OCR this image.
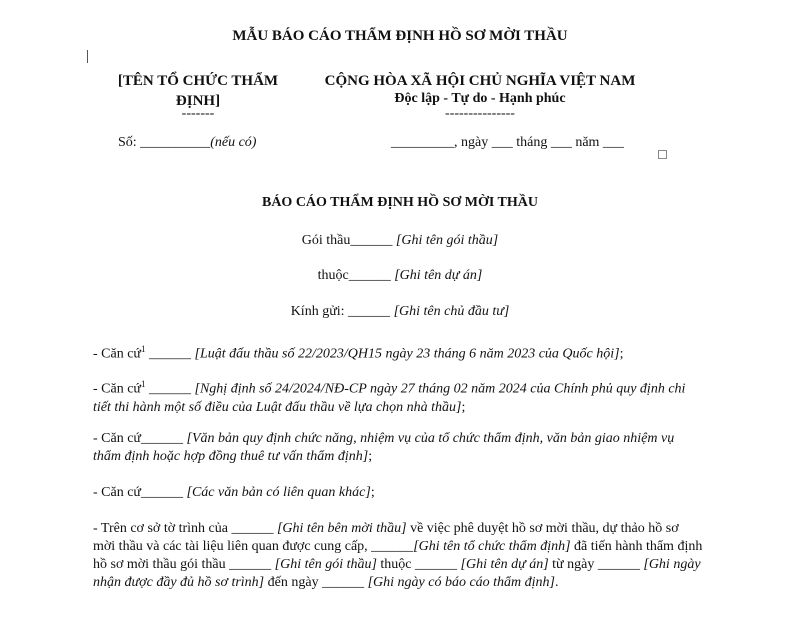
MẪU BÁO CÁO THẨM ĐỊNH HỒ SƠ MỜI THẦU
[TÊN TỔ CHỨC THẨM ĐỊNH]
-------
CỘNG HÒA XÃ HỘI CHỦ NGHĨA VIỆT NAM
Độc lập - Tự do - Hạnh phúc
---------------
Số: __________(nếu có)	_________, ngày ___ tháng ___ năm ___
BÁO CÁO THẨM ĐỊNH HỒ SƠ MỜI THẦU
Gói thầu______ [Ghi tên gói thầu]
thuộc______ [Ghi tên dự án]
Kính gửi: ______ [Ghi tên chủ đầu tư]
- Căn cứ$^1$ ______ [Luật đấu thầu số 22/2023/QH15 ngày 23 tháng 6 năm 2023 của Quốc hội];
- Căn cứ$^1$ ______ [Nghị định số 24/2024/NĐ-CP ngày 27 tháng 02 năm 2024 của Chính phủ quy định chi tiết thi hành một số điều của Luật đấu thầu về lựa chọn nhà thầu];
- Căn cứ______ [Văn bản quy định chức năng, nhiệm vụ của tổ chức thẩm định, văn bản giao nhiệm vụ thẩm định hoặc hợp đồng thuê tư vấn thẩm định];
- Căn cứ______ [Các văn bản có liên quan khác];
- Trên cơ sở tờ trình của ______ [Ghi tên bên mời thầu] về việc phê duyệt hồ sơ mời thầu, dự thảo hồ sơ mời thầu và các tài liệu liên quan được cung cấp, ______[Ghi tên tổ chức thẩm định] đã tiến hành thẩm định hồ sơ mời thầu gói thầu ______ [Ghi tên gói thầu] thuộc ______ [Ghi tên dự án] từ ngày ______ [Ghi ngày nhận được đầy đủ hồ sơ trình] đến ngày ______ [Ghi ngày có báo cáo thẩm định].
